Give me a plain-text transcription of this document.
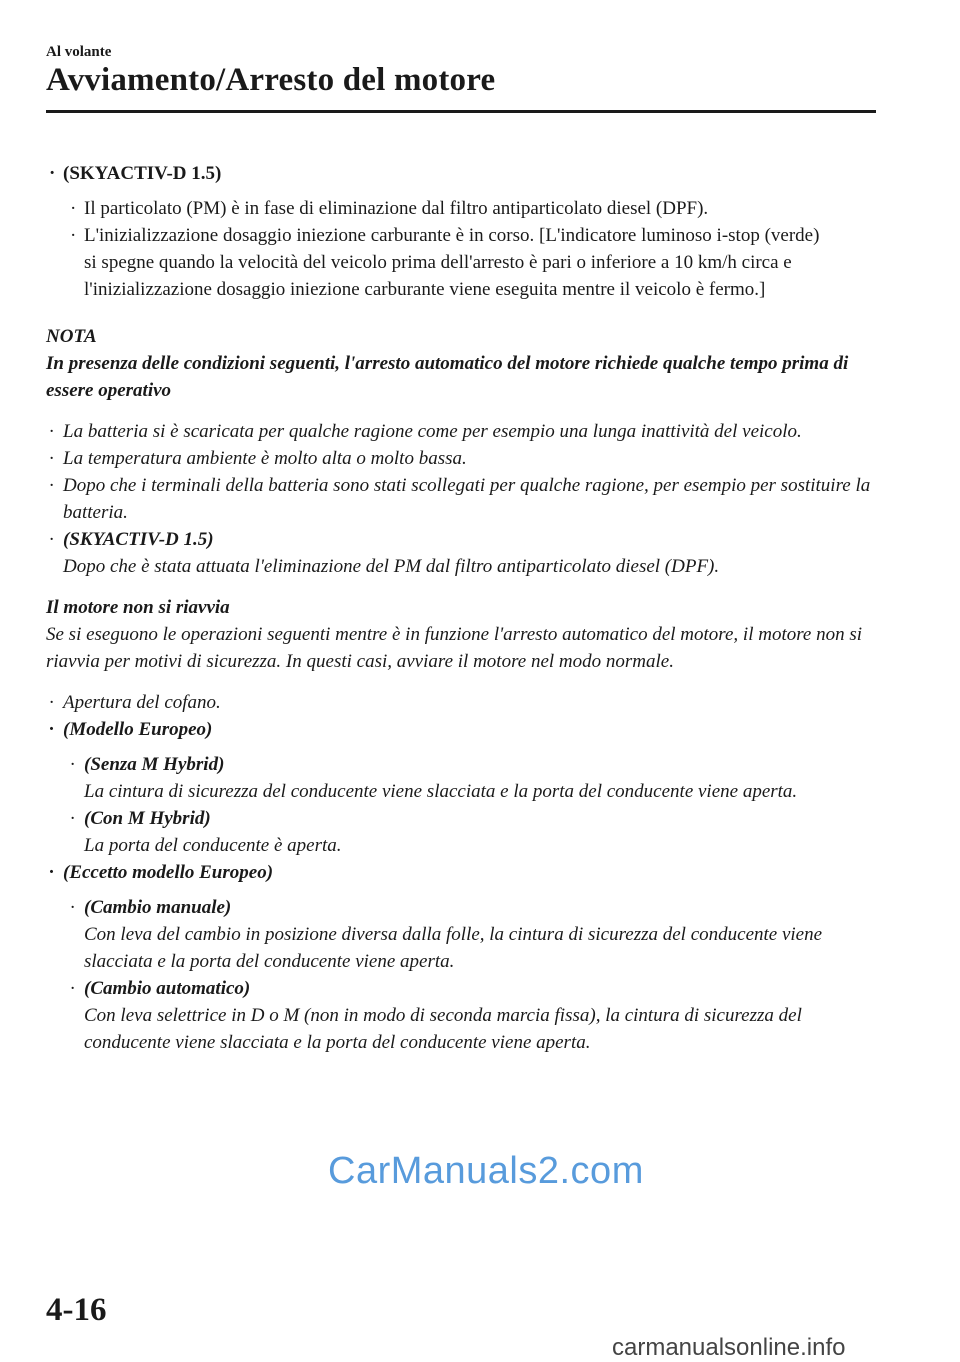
Al volante
Avviamento/Arresto del motore
· (SKYACTIV-D 1.5)
· Il particolato (PM) è in fase di eliminazione dal filtro antiparticolato diesel (DPF).
· L'inizializzazione dosaggio iniezione carburante è in corso. [L'indicatore luminoso i-stop (verde) si spegne quando la velocità del veicolo prima dell'arresto è pari o inferiore a 10 km/h circa e l'inizializzazione dosaggio iniezione carburante viene eseguita mentre il veicolo è fermo.]

NOTA

In presenza delle condizioni seguenti, l'arresto automatico del motore richiede qualche tempo prima di essere operativo

· La batteria si è scaricata per qualche ragione come per esempio una lunga inattività del veicolo.
· La temperatura ambiente è molto alta o molto bassa.
· Dopo che i terminali della batteria sono stati scollegati per qualche ragione, per esempio per sostituire la batteria.
· (SKYACTIV-D 1.5)
Dopo che è stata attuata l'eliminazione del PM dal filtro antiparticolato diesel (DPF).

Il motore non si riavvia

Se si eseguono le operazioni seguenti mentre è in funzione l'arresto automatico del motore, il motore non si riavvia per motivi di sicurezza. In questi casi, avviare il motore nel modo normale.

· Apertura del cofano.
· (Modello Europeo)
· (Senza M Hybrid)
La cintura di sicurezza del conducente viene slacciata e la porta del conducente viene aperta.
· (Con M Hybrid)
La porta del conducente è aperta.
· (Eccetto modello Europeo)
· (Cambio manuale)
Con leva del cambio in posizione diversa dalla folle, la cintura di sicurezza del conducente viene slacciata e la porta del conducente viene aperta.
· (Cambio automatico)
Con leva selettrice in D o M (non in modo di seconda marcia fissa), la cintura di sicurezza del conducente viene slacciata e la porta del conducente viene aperta.
CarManuals2.com
4-16
carmanualsonline.info
